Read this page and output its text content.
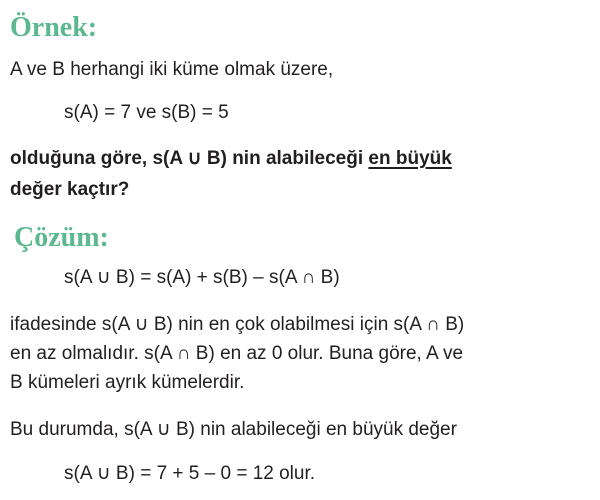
Örnek:
A ve B herhangi iki küme olmak üzere,
s(A) = 7 ve s(B) = 5
olduğuna göre, s(A ∪ B) nin alabileceği en büyük
değer kaçtır?
Çözüm:
s(A ∪ B) = s(A) + s(B) – s(A ∩ B)
ifadesinde s(A ∪ B) nin en çok olabilmesi için s(A ∩ B)
en az olmalıdır. s(A ∩ B) en az 0 olur. Buna göre, A ve
B kümeleri ayrık kümelerdir.
Bu durumda, s(A ∪ B) nin alabileceği en büyük değer
s(A ∪ B) = 7 + 5 – 0 = 12 olur.
